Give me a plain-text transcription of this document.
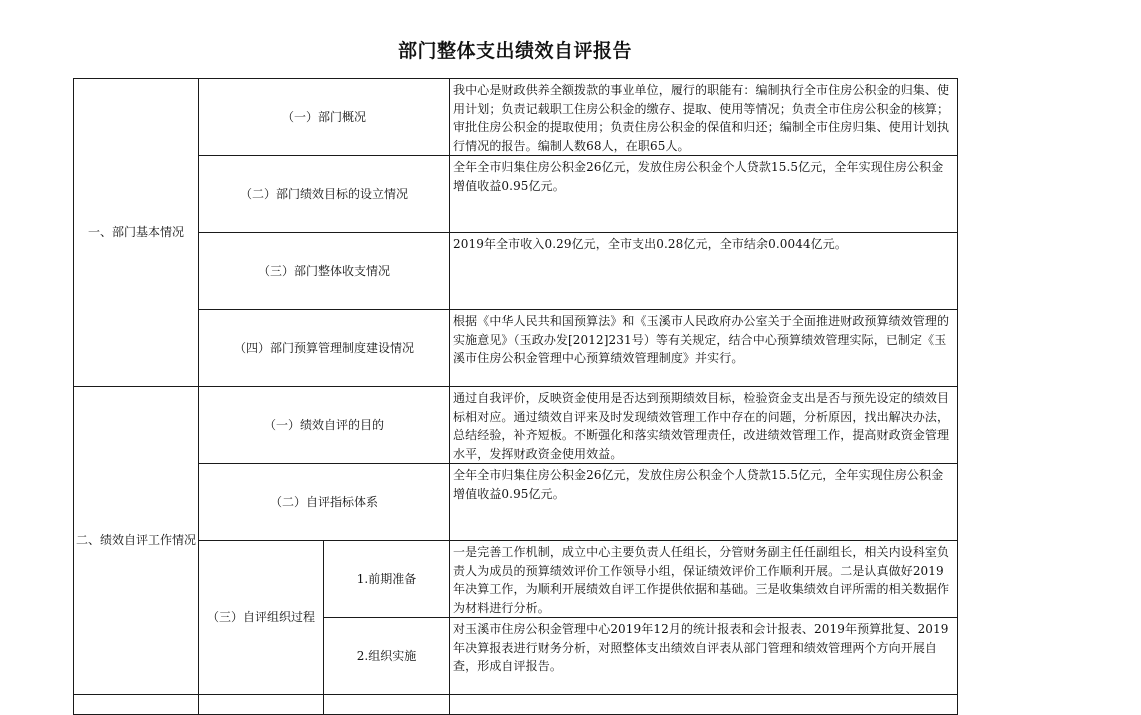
部门整体支出绩效自评报告
一、部门基本情况	（一）部门概况		我中心是财政供养全额拨款的事业单位，履行的职能有：编制执行全市住房公积金的归集、使用计划；负责记载职工住房公积金的缴存、提取、使用等情况；负责全市住房公积金的核算；审批住房公积金的提取使用；负责住房公积金的保值和归还；编制全市住房归集、使用计划执行情况的报告。编制人数68人，在职65人。
	（二）部门绩效目标的设立情况		全年全市归集住房公积金26亿元，发放住房公积金个人贷款15.5亿元，全年实现住房公积金增值收益0.95亿元。
	（三）部门整体收支情况		2019年全市收入0.29亿元，全市支出0.28亿元，全市结余0.0044亿元。
	（四）部门预算管理制度建设情况		根据《中华人民共和国预算法》和《玉溪市人民政府办公室关于全面推进财政预算绩效管理的实施意见》（玉政办发[2012]231号）等有关规定，结合中心预算绩效管理实际，已制定《玉溪市住房公积金管理中心预算绩效管理制度》并实行。
二、绩效自评工作情况	（一）绩效自评的目的		通过自我评价，反映资金使用是否达到预期绩效目标，检验资金支出是否与预先设定的绩效目标相对应。通过绩效自评来及时发现绩效管理工作中存在的问题，分析原因，找出解决办法，总结经验，补齐短板。不断强化和落实绩效管理责任，改进绩效管理工作，提高财政资金管理水平，发挥财政资金使用效益。
	（二）自评指标体系		全年全市归集住房公积金26亿元，发放住房公积金个人贷款15.5亿元，全年实现住房公积金增值收益0.95亿元。
	（三）自评组织过程	1.前期准备	一是完善工作机制，成立中心主要负责人任组长，分管财务副主任任副组长，相关内设科室负责人为成员的预算绩效评价工作领导小组，保证绩效评价工作顺利开展。二是认真做好2019年决算工作，为顺利开展绩效自评工作提供依据和基础。三是收集绩效自评所需的相关数据作为材料进行分析。
		2.组织实施	对玉溪市住房公积金管理中心2019年12月的统计报表和会计报表、2019年预算批复、2019年决算报表进行财务分析，对照整体支出绩效自评表从部门管理和绩效管理两个方向开展自查，形成自评报告。
